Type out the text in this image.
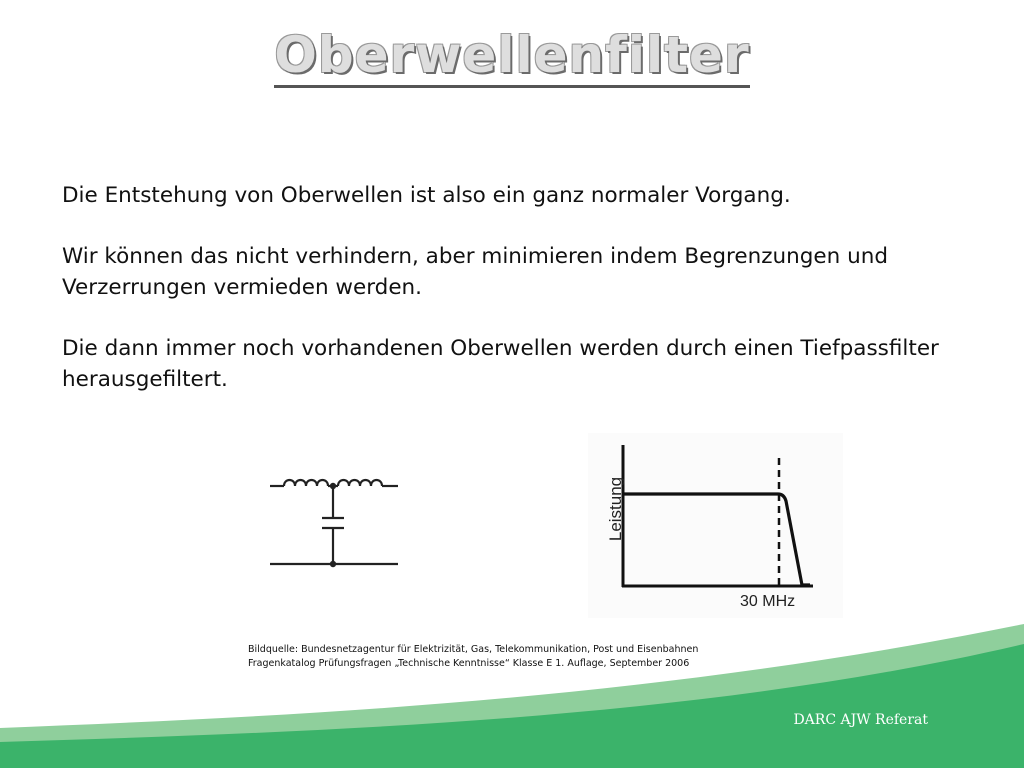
Oberwellenfilter

Die Entstehung von Oberwellen ist also ein ganz normaler Vorgang.

Wir können das nicht verhindern, aber minimieren indem Begrenzungen und Verzerrungen vermieden werden.

Die dann immer noch vorhandenen Oberwellen werden durch einen Tiefpassfilter herausgefiltert.

Leistung
30 MHz
Bildquelle: Bundesnetzagentur für Elektrizität, Gas, Telekommunikation, Post und Eisenbahnen
Fragenkatalog Prüfungsfragen „Technische Kenntnisse“ Klasse E 1. Auflage, September 2006
DARC AJW Referat
